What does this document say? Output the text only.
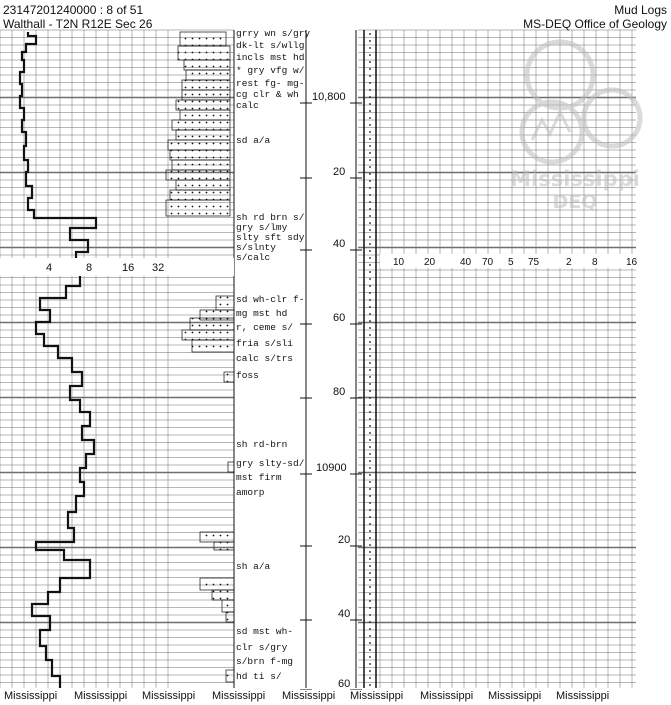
23147201240000 : 8 of 51
Walthall - T2N R12E Sec 26
Mud Logs
MS-DEQ Office of Geology
10,800
20
40
60
80
10900
20
40
60
4	8	16 32	10 20 40 70 5 75	2 8	16
grry wn s/gry
dk-lt s/wllg
incls mst hd
* gry vfg w/
rest fg- mg-
cg clr & wh
calc
sd a/a
sh rd brn s/
gry s/lmy
slty sft sdy
s/slnty
s/calc
sd wh-clr f-
mg mst hd
r, ceme s/
fria s/sli
calc s/trs
foss
sh rd-brn
gry slty-sd/
mst firm
amorp
sh a/a
sd mst wh-
clr s/gry
s/brn f-mg
hd ti s/
Mississippi
DEQ
Mississippi Mississippi Mississippi Mississippi Mississippi Mississippi Mississippi Mississippi Mississippi
